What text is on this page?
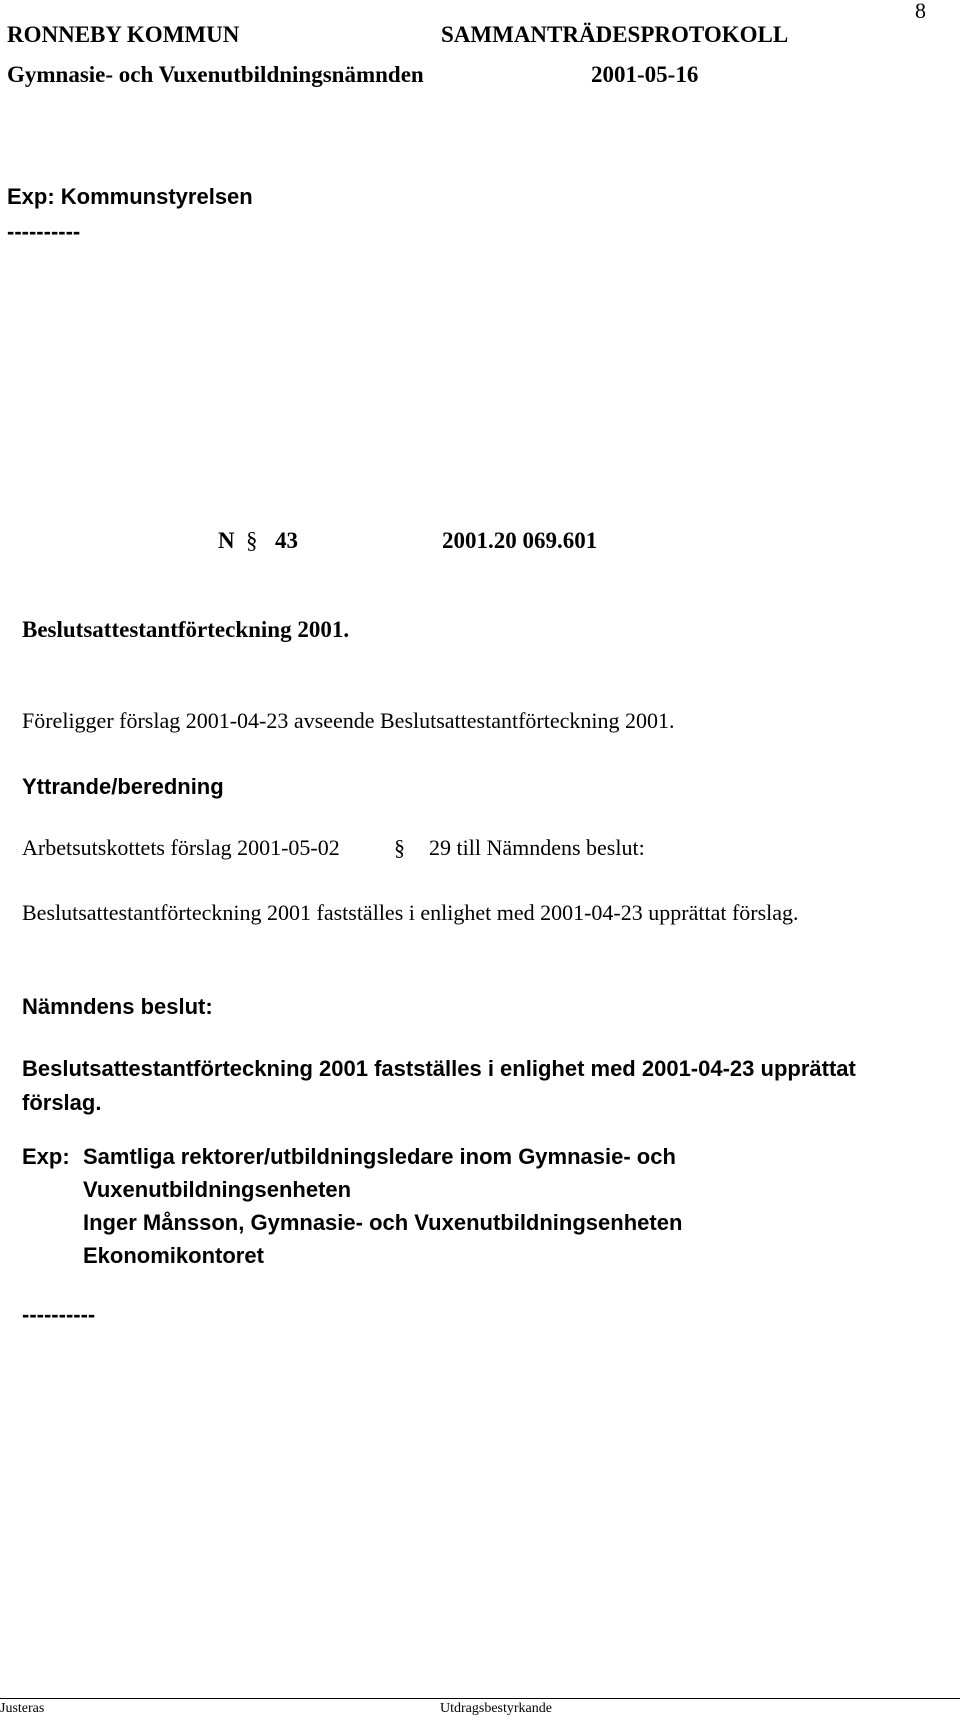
8
RONNEBY KOMMUN	SAMMANTRÄDESPROTOKOLL
Gymnasie- och Vuxenutbildningsnämnden	2001-05-16
Exp: Kommunstyrelsen
----------
N § 43	2001.20 069.601
Beslutsattestantförteckning 2001.
Föreligger förslag 2001-04-23 avseende Beslutsattestantförteckning 2001.
Yttrande/beredning
Arbetsutskottets förslag 2001-05-02 § 29 till Nämndens beslut:
Beslutsattestantförteckning 2001 fastställes i enlighet med 2001-04-23 upprättat förslag.
Nämndens beslut:
Beslutsattestantförteckning 2001 fastställes i enlighet med 2001-04-23 upprättat förslag.
Exp: Samtliga rektorer/utbildningsledare inom Gymnasie- och
Vuxenutbildningsenheten
Inger Månsson, Gymnasie- och Vuxenutbildningsenheten
Ekonomikontoret
----------
Justeras	Utdragsbestyrkande
